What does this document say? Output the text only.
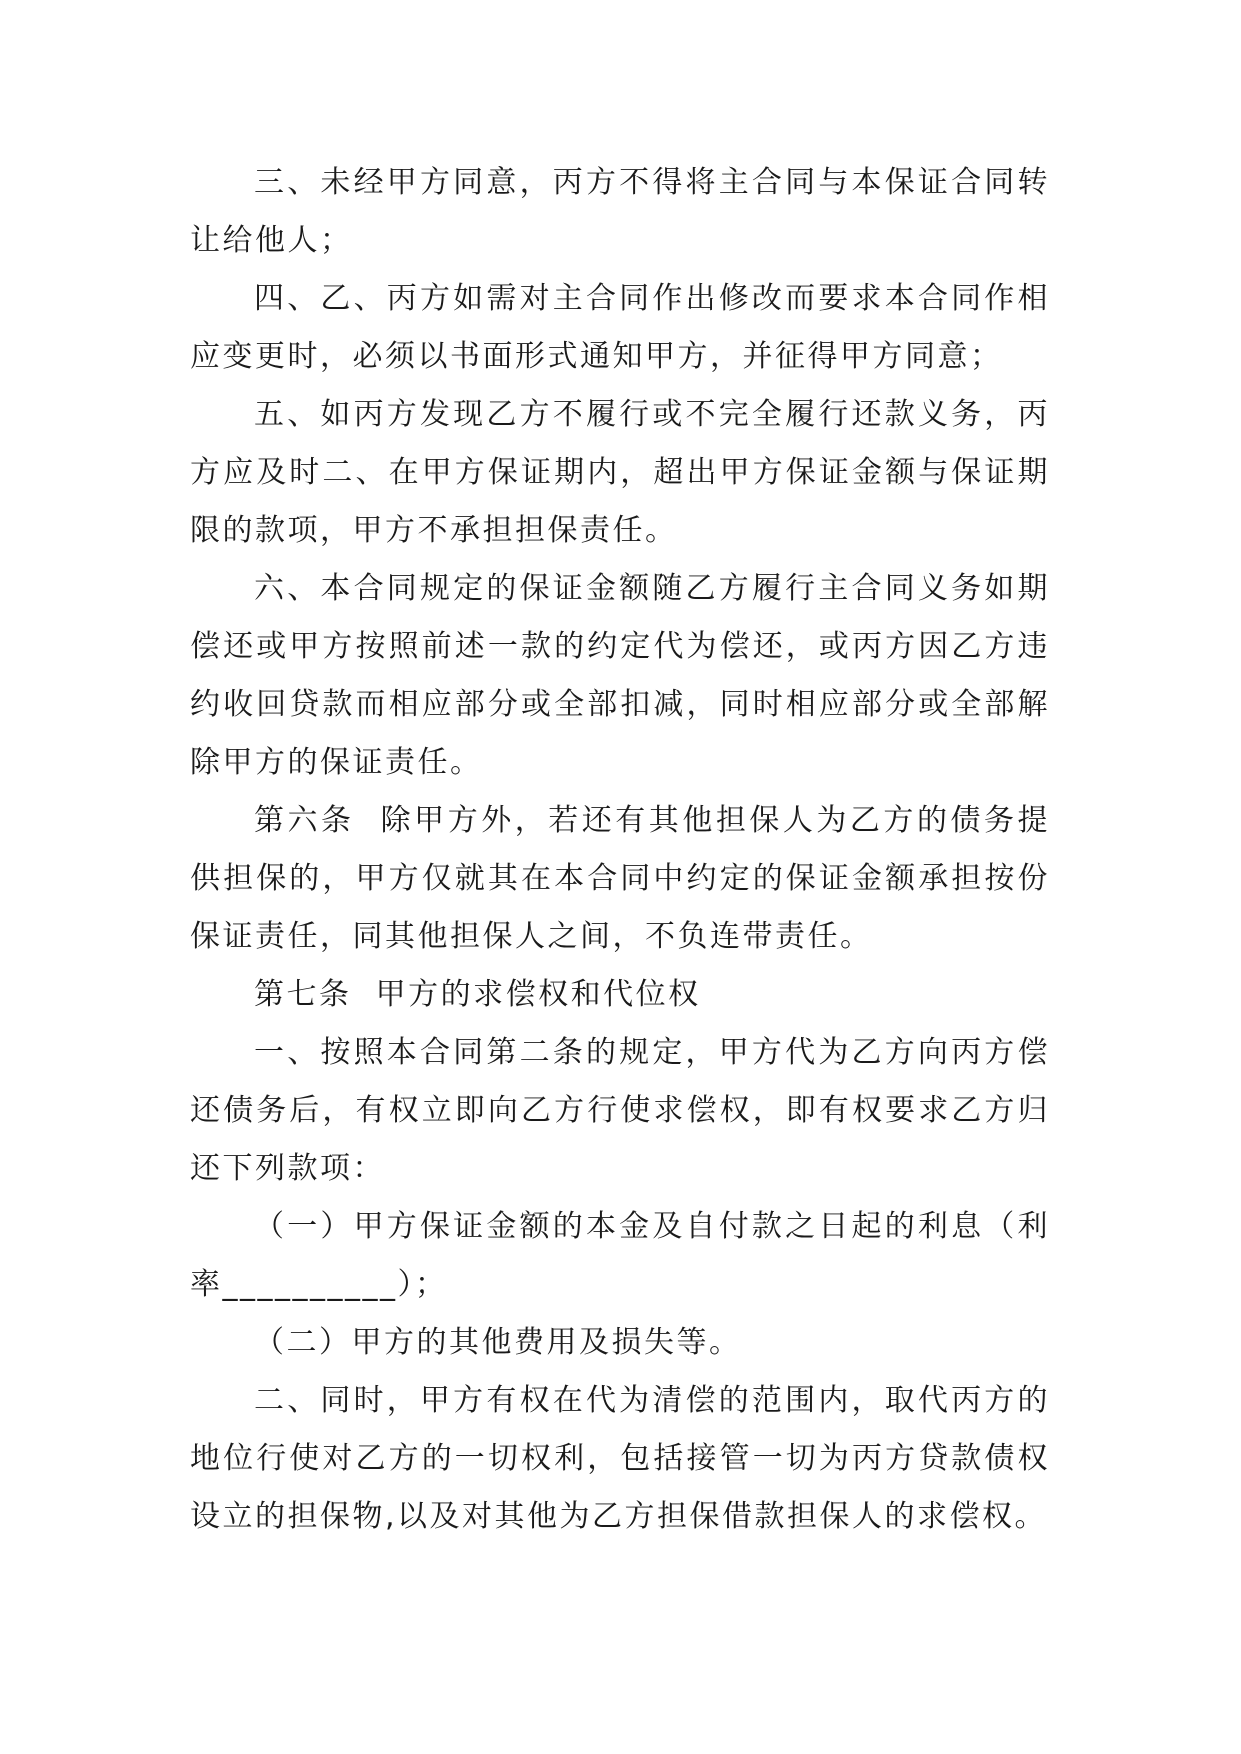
三、未经甲方同意，丙方不得将主合同与本保证合同转让给他人；

四、乙、丙方如需对主合同作出修改而要求本合同作相应变更时，必须以书面形式通知甲方，并征得甲方同意；

五、如丙方发现乙方不履行或不完全履行还款义务，丙方应及时二、在甲方保证期内，超出甲方保证金额与保证期限的款项，甲方不承担担保责任。

六、本合同规定的保证金额随乙方履行主合同义务如期偿还或甲方按照前述一款的约定代为偿还，或丙方因乙方违约收回贷款而相应部分或全部扣减，同时相应部分或全部解除甲方的保证责任。

第六条  除甲方外，若还有其他担保人为乙方的债务提供担保的，甲方仅就其在本合同中约定的保证金额承担按份保证责任，同其他担保人之间，不负连带责任。

第七条  甲方的求偿权和代位权

一、按照本合同第二条的规定，甲方代为乙方向丙方偿还债务后，有权立即向乙方行使求偿权，即有权要求乙方归还下列款项：

（一）甲方保证金额的本金及自付款之日起的利息（利率__________）；

（二）甲方的其他费用及损失等。

二、同时，甲方有权在代为清偿的范围内，取代丙方的地位行使对乙方的一切权利，包括接管一切为丙方贷款债权设立的担保物,以及对其他为乙方担保借款担保人的求偿权。
